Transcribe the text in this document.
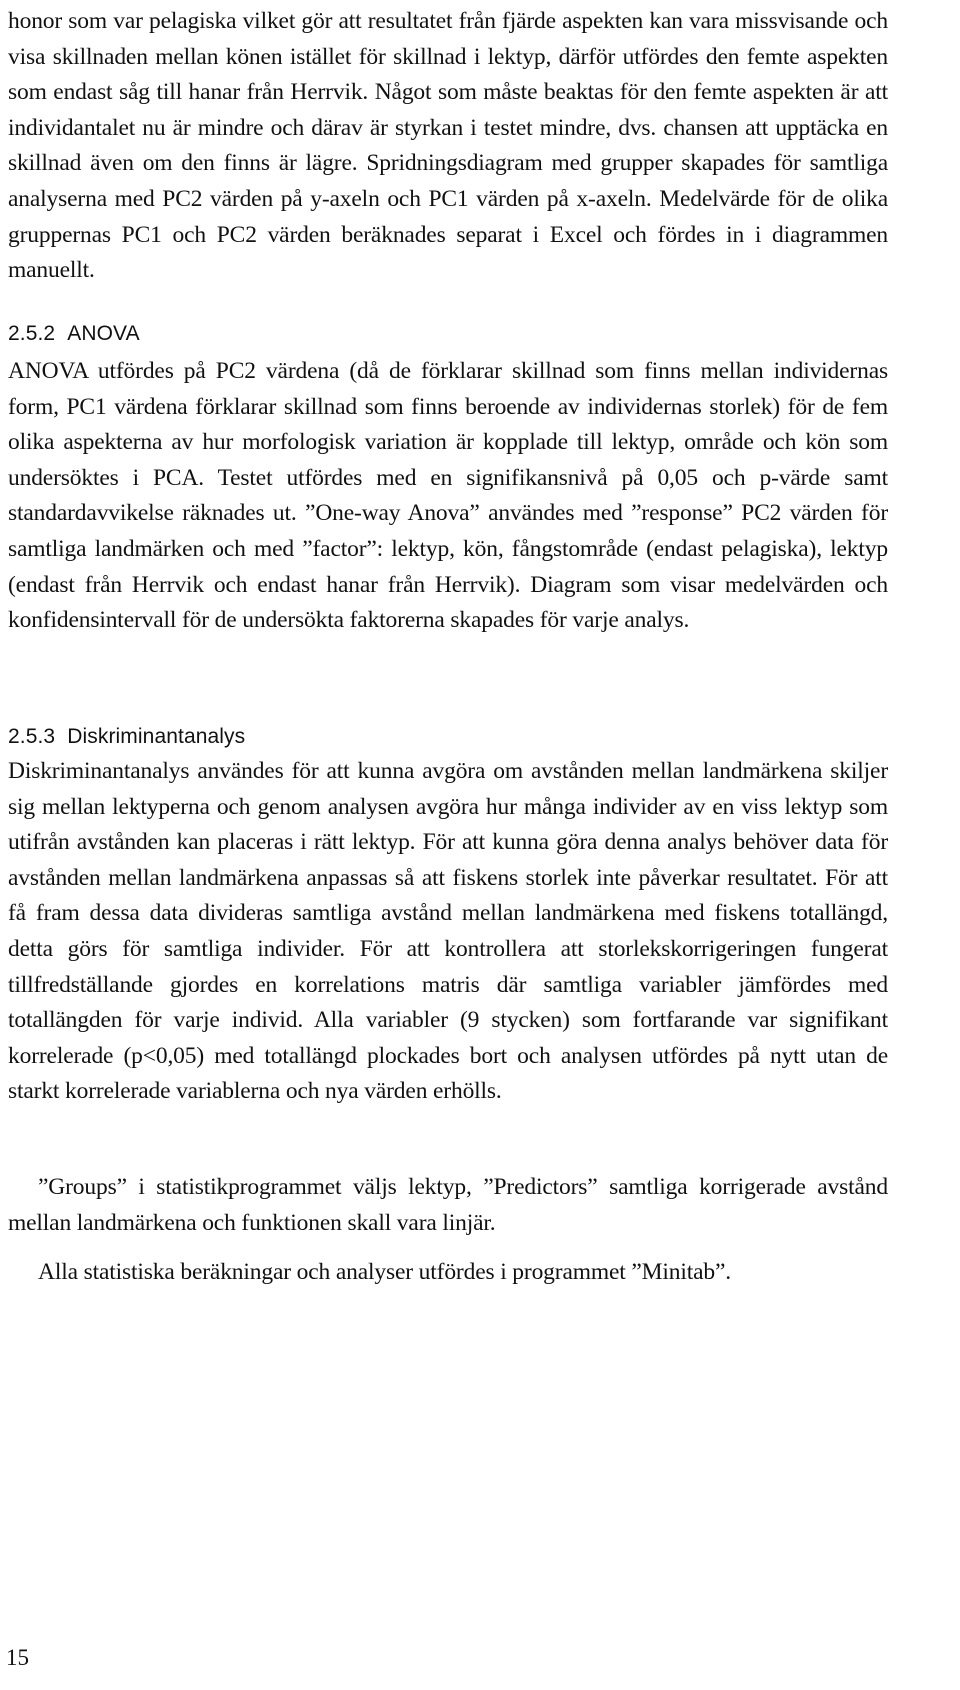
honor som var pelagiska vilket gör att resultatet från fjärde aspekten kan vara missvisande och visa skillnaden mellan könen istället för skillnad i lektyp, därför utfördes den femte aspekten som endast såg till hanar från Herrvik. Något som måste beaktas för den femte aspekten är att individantalet nu är mindre och därav är styrkan i testet mindre, dvs. chansen att upptäcka en skillnad även om den finns är lägre. Spridningsdiagram med grupper skapades för samtliga analyserna med PC2 värden på y-axeln och PC1 värden på x-axeln. Medelvärde för de olika gruppernas PC1 och PC2 värden beräknades separat i Excel och fördes in i diagrammen manuellt.

2.5.2 ANOVA

ANOVA utfördes på PC2 värdena (då de förklarar skillnad som finns mellan individernas form, PC1 värdena förklarar skillnad som finns beroende av individernas storlek) för de fem olika aspekterna av hur morfologisk variation är kopplade till lektyp, område och kön som undersöktes i PCA. Testet utfördes med en signifikansnivå på 0,05 och p-värde samt standardavvikelse räknades ut. ”One-way Anova” användes med ”response” PC2 värden för samtliga landmärken och med ”factor”: lektyp, kön, fångstområde (endast pelagiska), lektyp (endast från Herrvik och endast hanar från Herrvik). Diagram som visar medelvärden och konfidensintervall för de undersökta faktorerna skapades för varje analys.

2.5.3 Diskriminantanalys

Diskriminantanalys användes för att kunna avgöra om avstånden mellan landmärkena skiljer sig mellan lektyperna och genom analysen avgöra hur många individer av en viss lektyp som utifrån avstånden kan placeras i rätt lektyp. För att kunna göra denna analys behöver data för avstånden mellan landmärkena anpassas så att fiskens storlek inte påverkar resultatet. För att få fram dessa data divideras samtliga avstånd mellan landmärkena med fiskens totallängd, detta görs för samtliga individer. För att kontrollera att storlekskorrigeringen fungerat tillfredställande gjordes en korrelations matris där samtliga variabler jämfördes med totallängden för varje individ. Alla variabler (9 stycken) som fortfarande var signifikant korrelerade (p<0,05) med totallängd plockades bort och analysen utfördes på nytt utan de starkt korrelerade variablerna och nya värden erhölls.

”Groups” i statistikprogrammet väljs lektyp, ”Predictors” samtliga korrigerade avstånd mellan landmärkena och funktionen skall vara linjär.

Alla statistiska beräkningar och analyser utfördes i programmet ”Minitab”.

15
